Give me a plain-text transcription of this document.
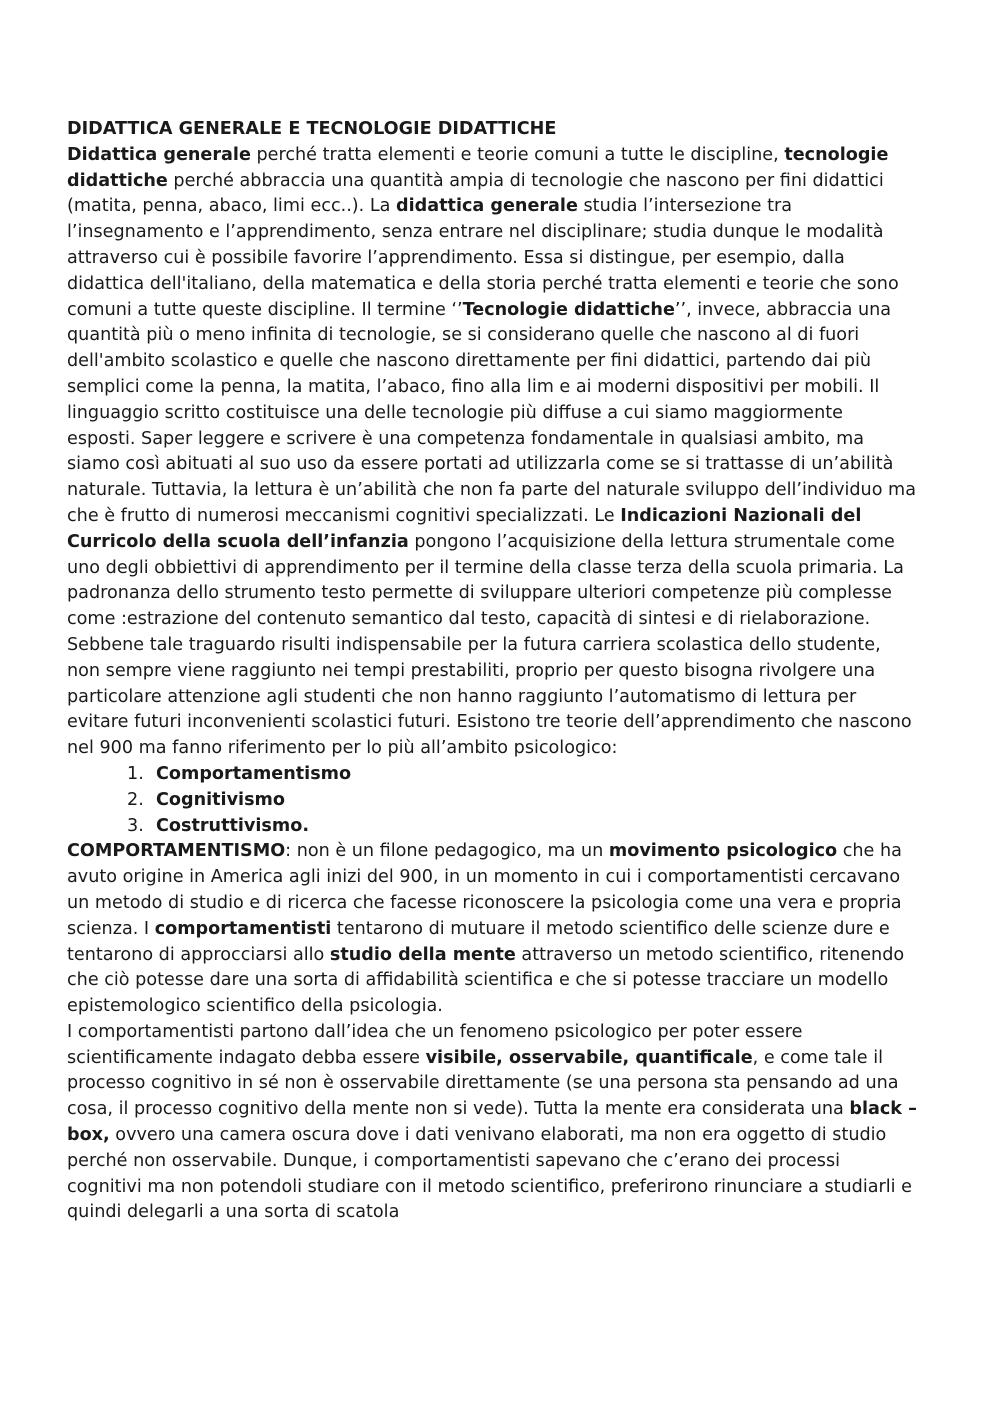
DIDATTICA GENERALE E TECNOLOGIE DIDATTICHE

Didattica generale perché tratta elementi e teorie comuni a tutte le discipline, tecnologie didattiche perché abbraccia una quantità ampia di tecnologie che nascono per fini didattici (matita, penna, abaco, limi ecc..). La didattica generale studia l’intersezione tra l’insegnamento e l’apprendimento, senza entrare nel disciplinare; studia dunque le modalità attraverso cui è possibile favorire l’apprendimento. Essa si distingue, per esempio, dalla didattica dell'italiano, della matematica e della storia perché tratta elementi e teorie che sono comuni a tutte queste discipline. Il termine ‘’Tecnologie didattiche’’, invece, abbraccia una quantità più o meno infinita di tecnologie, se si considerano quelle che nascono al di fuori dell'ambito scolastico e quelle che nascono direttamente per fini didattici, partendo dai più semplici come la penna, la matita, l’abaco, fino alla lim e ai moderni dispositivi per mobili. Il linguaggio scritto costituisce una delle tecnologie più diffuse a cui siamo maggiormente esposti. Saper leggere e scrivere è una competenza fondamentale in qualsiasi ambito, ma siamo così abituati al suo uso da essere portati ad utilizzarla come se si trattasse di un’abilità naturale. Tuttavia, la lettura è un’abilità che non fa parte del naturale sviluppo dell’individuo ma che è frutto di numerosi meccanismi cognitivi specializzati. Le Indicazioni Nazionali del Curricolo della scuola dell’infanzia pongono l’acquisizione della lettura strumentale come uno degli obbiettivi di apprendimento per il termine della classe terza della scuola primaria. La padronanza dello strumento testo permette di sviluppare ulteriori competenze più complesse come :estrazione del contenuto semantico dal testo, capacità di sintesi e di rielaborazione. Sebbene tale traguardo risulti indispensabile per la futura carriera scolastica dello studente, non sempre viene raggiunto nei tempi prestabiliti, proprio per questo bisogna rivolgere una particolare attenzione agli studenti che non hanno raggiunto l’automatismo di lettura per evitare futuri inconvenienti scolastici futuri. Esistono tre teorie dell’apprendimento che nascono nel 900 ma fanno riferimento per lo più all’ambito psicologico:

1. Comportamentismo
2. Cognitivismo
3. Costruttivismo.

COMPORTAMENTISMO: non è un filone pedagogico, ma un movimento psicologico che ha avuto origine in America agli inizi del 900, in un momento in cui i comportamentisti cercavano un metodo di studio e di ricerca che facesse riconoscere la psicologia come una vera e propria scienza. I comportamentisti tentarono di mutuare il metodo scientifico delle scienze dure e tentarono di approcciarsi allo studio della mente attraverso un metodo scientifico, ritenendo che ciò potesse dare una sorta di affidabilità scientifica e che si potesse tracciare un modello epistemologico scientifico della psicologia.

I comportamentisti partono dall’idea che un fenomeno psicologico per poter essere scientificamente indagato debba essere visibile, osservabile, quantificale, e come tale il processo cognitivo in sé non è osservabile direttamente (se una persona sta pensando ad una cosa, il processo cognitivo della mente non si vede). Tutta la mente era considerata una black – box, ovvero una camera oscura dove i dati venivano elaborati, ma non era oggetto di studio perché non osservabile. Dunque, i comportamentisti sapevano che c’erano dei processi cognitivi ma non potendoli studiare con il metodo scientifico, preferirono rinunciare a studiarli e quindi delegarli a una sorta di scatola
